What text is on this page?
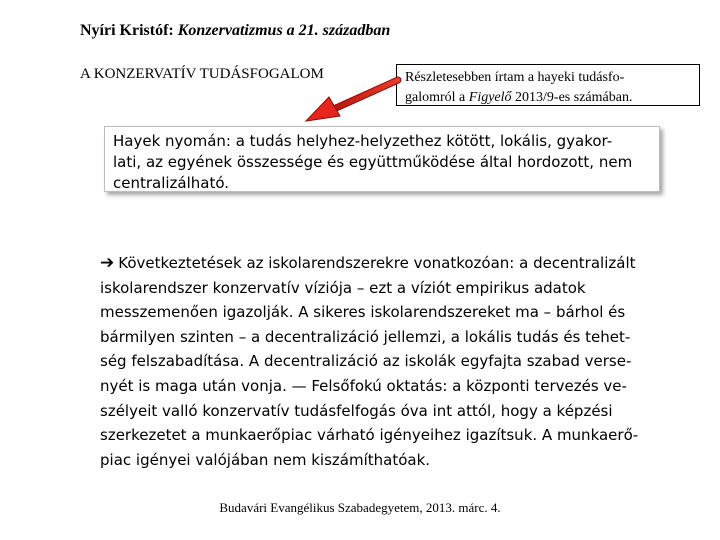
Nyíri Kristóf: Konzervatizmus a 21. században
A KONZERVATÍV TUDÁSFOGALOM	Részletesebben írtam a hayeki tudásfo-
galomról a Figyelő 2013/9-es számában.
Hayek nyomán: a tudás helyhez-helyzethez kötött, lokális, gyakor-
lati, az egyének összessége és együttműködése által hordozott, nem
centralizálható.
➔ Következtetések az iskolarendszerekre vonatkozóan: a decentralizált
iskolarendszer konzervatív víziója – ezt a víziót empirikus adatok
messzemenően igazolják. A sikeres iskolarendszereket ma – bárhol és
bármilyen szinten – a decentralizáció jellemzi, a lokális tudás és tehet-
ség felszabadítása. A decentralizáció az iskolák egyfajta szabad verse-
nyét is maga után vonja. — Felsőfokú oktatás: a központi tervezés ve-
szélyeit valló konzervatív tudásfelfogás óva int attól, hogy a képzési
szerkezetet a munkaerőpiac várható igényeihez igazítsuk. A munkaerő-
piac igényei valójában nem kiszámíthatóak.
Budavári Evangélikus Szabadegyetem, 2013. márc. 4.
